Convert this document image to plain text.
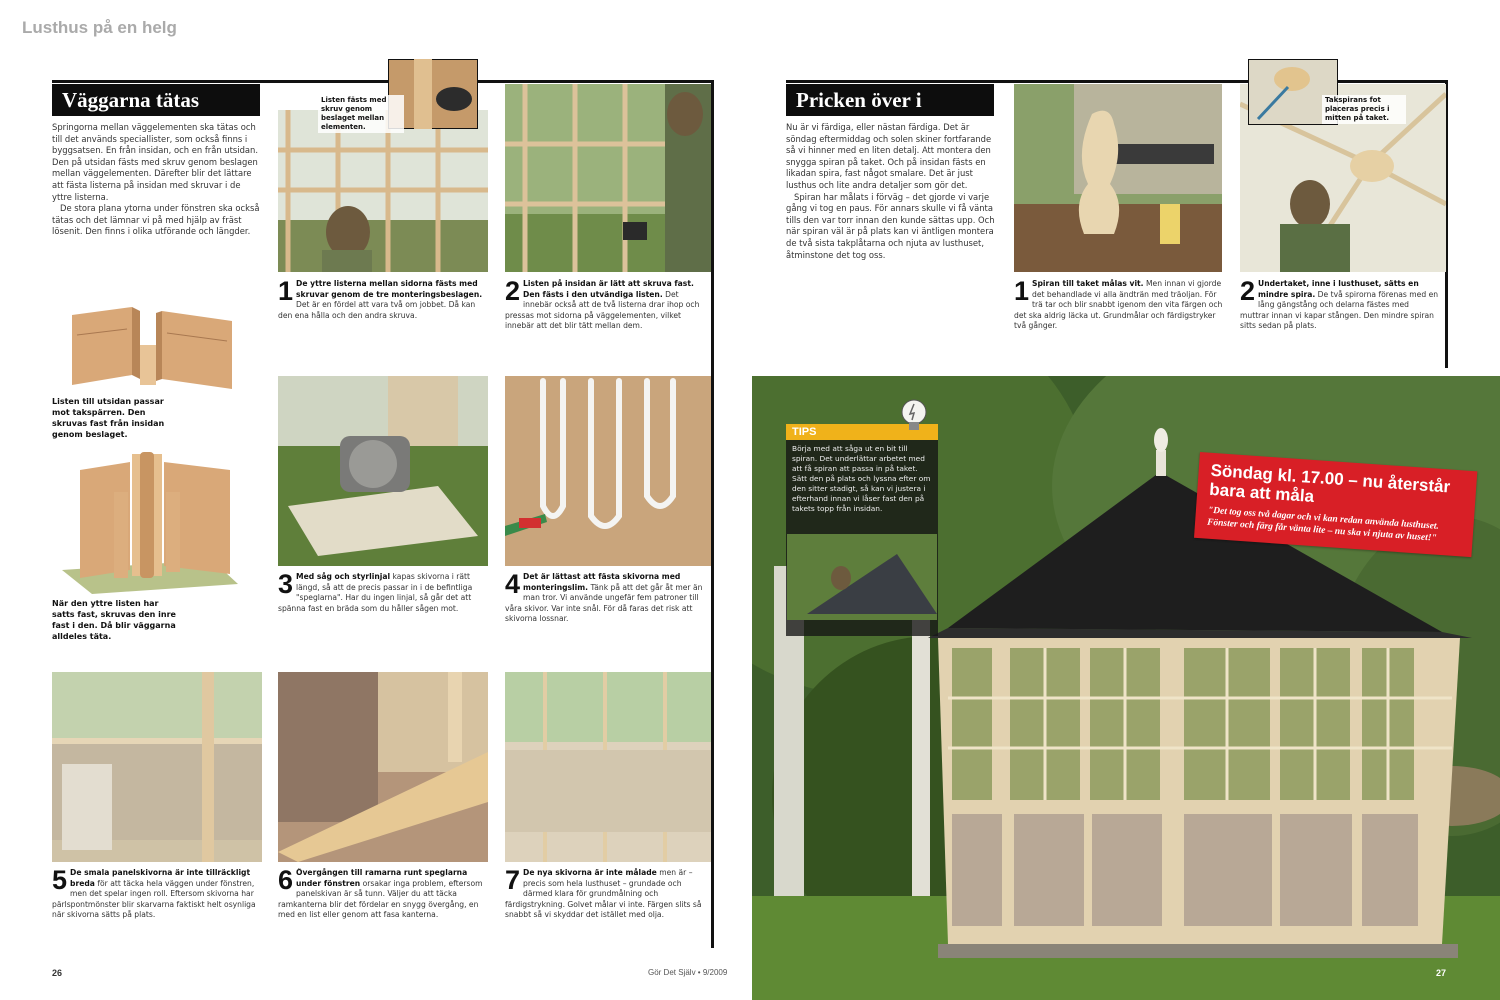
Lusthus på en helg
Väggarna tätas

Springorna mellan väggelementen ska tätas och till det används speciallister, som också finns i byggsatsen. En från insidan, och en från utsidan. Den på utsidan fästs med skruv genom beslagen mellan väggelementen. Därefter blir det lättare att fästa listerna på insidan med skruvar i de yttre listerna.

De stora plana ytorna under fönstren ska också tätas och det lämnar vi på med hjälp av fräst lösenit. Den finns i olika utförande och längder.

Listen till utsidan passar mot takspärren. Den skruvas fast från insidan genom beslaget.
När den yttre listen har satts fast, skruvas den inre fast i den. Då blir väggarna alldeles täta.
Listen fästs med skruv genom beslaget mellan elementen.
1 De yttre listerna mellan sidorna fästs med skruvar genom de tre monteringsbeslagen. Det är en fördel att vara två om jobbet. Då kan den ena hålla och den andra skruva.
2 Listen på insidan är lätt att skruva fast. Den fästs i den utvändiga listen. Det innebär också att de två listerna drar ihop och pressas mot sidorna på väggelementen, vilket innebär att det blir tätt mellan dem.
3 Med såg och styrlinjal kapas skivorna i rätt längd, så att de precis passar in i de befintliga "speglarna". Har du ingen linjal, så går det att spänna fast en bräda som du håller sågen mot.
4 Det är lättast att fästa skivorna med monteringslim. Tänk på att det går åt mer än man tror. Vi använde ungefär fem patroner till våra skivor. Var inte snål. För då faras det risk att skivorna lossnar.
5 De smala panelskivorna är inte tillräckligt breda för att täcka hela väggen under fönstren, men det spelar ingen roll. Eftersom skivorna har pärlspontmönster blir skarvarna faktiskt helt osynliga när skivorna sätts på plats.
6 Övergången till ramarna runt speglarna under fönstren orsakar inga problem, eftersom panelskivan är så tunn. Väljer du att täcka ramkanterna blir det fördelar en snygg övergång, en med en list eller genom att fasa kanterna.
7 De nya skivorna är inte målade men är – precis som hela lusthuset – grundade och därmed klara för grundmålning och färdigstrykning. Golvet målar vi inte. Färgen slits så snabbt så vi skyddar det istället med olja.
26	Gör Det Själv • 9/2009
Pricken över i

Nu är vi färdiga, eller nästan färdiga. Det är söndag eftermiddag och solen skiner fortfarande så vi hinner med en liten detalj. Att montera den snygga spiran på taket. Och på insidan fästs en likadan spira, fast något smalare. Det är just lusthus och lite andra detaljer som gör det.

Spiran har målats i förväg – det gjorde vi varje gång vi tog en paus. För annars skulle vi få vänta tills den var torr innan den kunde sättas upp. Och när spiran väl är på plats kan vi äntligen montera de två sista takplåtarna och njuta av lusthuset, åtminstone det tog oss.

Takspirans fot placeras precis i mitten på taket.
1 Spiran till taket målas vit. Men innan vi gjorde det behandlade vi alla ändträn med träoljan. För trä tar och blir snabbt igenom den vita färgen och det ska aldrig läcka ut. Grundmålar och färdigstryker två gånger.
2 Undertaket, inne i lusthuset, sätts en mindre spira. De två spirorna förenas med en lång gängstång och delarna fästes med muttrar innan vi kapar stången. Den mindre spiran sitts sedan på plats.
TIPS
Börja med att såga ut en bit till spiran. Det underlättar arbetet med att få spiran att passa in på taket. Sätt den på plats och lyssna efter om den sitter stadigt, så kan vi justera i efterhand innan vi låser fast den på takets topp från insidan.
Söndag kl. 17.00 – nu återstår bara att måla
"Det tog oss två dagar och vi kan redan använda lusthuset. Fönster och färg får vänta lite – nu ska vi njuta av huset!"
27
